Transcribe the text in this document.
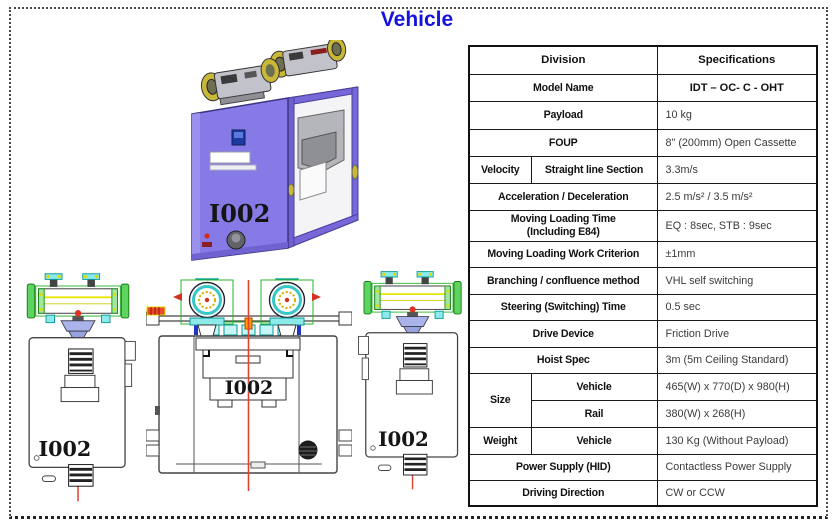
Vehicle
I002
I002
I002
I002
Division		Specifications
Model Name		IDT – OC- C - OHT
Payload		10 kg
FOUP		8" (200mm) Open Cassette
Velocity	Straight line Section	3.3m/s
Acceleration / Deceleration		2.5 m/s² / 3.5 m/s²

Moving Loading Time
(Including E84)		EQ : 8sec, STB : 9sec
Moving Loading Work Criterion		±1mm
Branching / confluence method		VHL self switching
Steering (Switching) Time		0.5 sec
Drive Device		Friction Drive
Hoist Spec		3m (5m Ceiling Standard)
Size	Vehicle	465(W) x 770(D) x 980(H)
	Rail	380(W) x 268(H)
Weight	Vehicle	130 Kg (Without Payload)
Power Supply (HID)		Contactless Power Supply
Driving Direction		CW or CCW
